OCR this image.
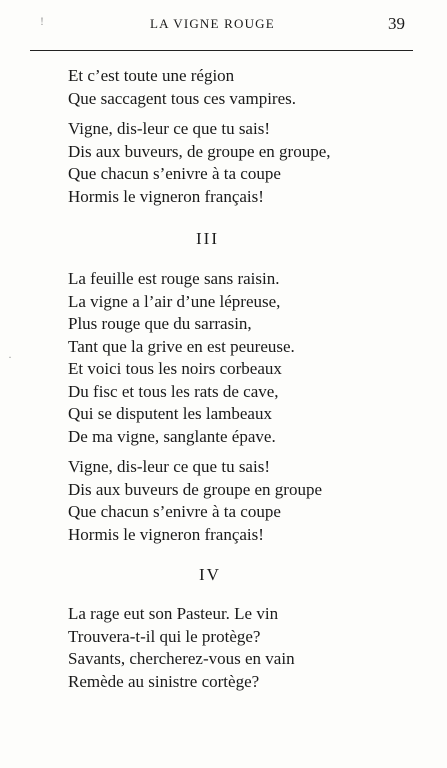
!
·
LA VIGNE ROUGE	39
Et c’est toute une région
Que saccagent tous ces vampires.
Vigne, dis-leur ce que tu sais!
Dis aux buveurs, de groupe en groupe,
Que chacun s’enivre à ta coupe
Hormis le vigneron français!
III
La feuille est rouge sans raisin.
La vigne a l’air d’une lépreuse,
Plus rouge que du sarrasin,
Tant que la grive en est peureuse.
Et voici tous les noirs corbeaux
Du fisc et tous les rats de cave,
Qui se disputent les lambeaux
De ma vigne, sanglante épave.
Vigne, dis-leur ce que tu sais!
Dis aux buveurs de groupe en groupe
Que chacun s’enivre à ta coupe
Hormis le vigneron français!
IV
La rage eut son Pasteur. Le vin
Trouvera-t-il qui le protège?
Savants, chercherez-vous en vain
Remède au sinistre cortège?
